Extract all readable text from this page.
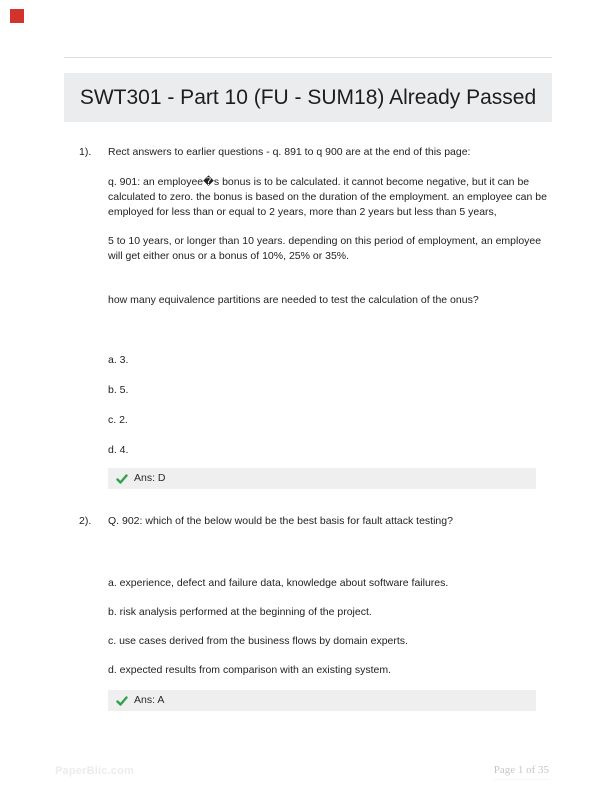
SWT301 - Part 10 (FU - SUM18) Already Passed
1).	Rect answers to earlier questions - q. 891 to q 900 are at the end of this page:

q. 901: an employee�s bonus is to be calculated. it cannot become negative, but it can be calculated to zero. the bonus is based on the duration of the employment. an employee can be employed for less than or equal to 2 years, more than 2 years but less than 5 years,

5 to 10 years, or longer than 10 years. depending on this period of employment, an employee will get either onus or a bonus of 10%, 25% or 35%.

how many equivalence partitions are needed to test the calculation of the onus?

a. 3.

b. 5.

c. 2.

d. 4.

Ans: D
2).	Q. 902: which of the below would be the best basis for fault attack testing?

a. experience, defect and failure data, knowledge about software failures.

b. risk analysis performed at the beginning of the project.

c. use cases derived from the business flows by domain experts.

d. expected results from comparison with an existing system.

Ans: A
PaperBlic.com	Page 1 of 35
